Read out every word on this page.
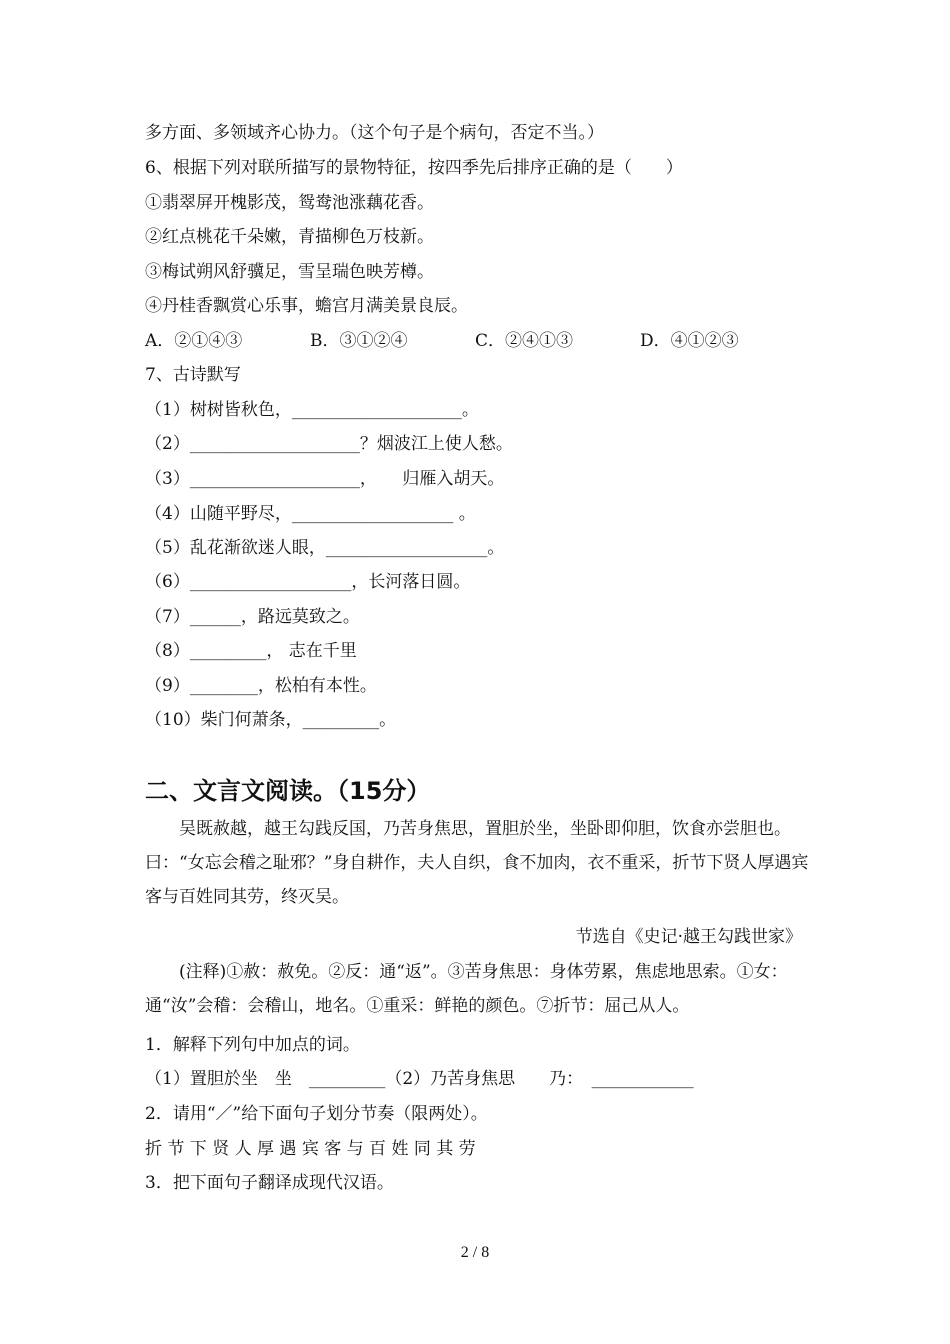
多方面、多领域齐心协力。（这个句子是个病句，否定不当。）
6、根据下列对联所描写的景物特征，按四季先后排序正确的是（　　）
①翡翠屏开槐影茂，鸳鸯池涨藕花香。
②红点桃花千朵嫩，青描柳色万枝新。
③梅试朔风舒骥足，雪呈瑞色映芳樽。
④丹桂香飘赏心乐事，蟾宫月满美景良辰。
A．②①④③	B．③①②④	C．②④①③	D．④①②③
7、古诗默写
（1）树树皆秋色，____________________。
（2）____________________？烟波江上使人愁。
（3）____________________，　　归雁入胡天。
（4）山随平野尽，___________________ 。
（5）乱花渐欲迷人眼，___________________。
（6）___________________，长河落日圆。
（7）______，路远莫致之。
（8）_________， 志在千里
（9）________，松柏有本性。
（10）柴门何萧条，_________。
二、文言文阅读。（15分）

吴既赦越，越王勾践反国，乃苦身焦思，置胆於坐，坐卧即仰胆，饮食亦尝胆也。曰：“女忘会稽之耻邪？”身自耕作，夫人自织，食不加肉，衣不重采，折节下贤人厚遇宾客与百姓同其劳，终灭吴。

节选自《史记·越王勾践世家》

(注释)①赦：赦免。②反：通“返”。③苦身焦思：身体劳累，焦虑地思索。①女：通“汝”会稽：会稽山，地名。①重采：鲜艳的颜色。⑦折节：屈己从人。

1．解释下列句中加点的词。
（1）置胆於坐　坐　_________（2）乃苦身焦思　　乃：　____________
2．请用“／”给下面句子划分节奏（限两处）。
折 节 下 贤 人 厚 遇 宾 客 与 百 姓 同 其 劳
3．把下面句子翻译成现代汉语。
2 / 8
